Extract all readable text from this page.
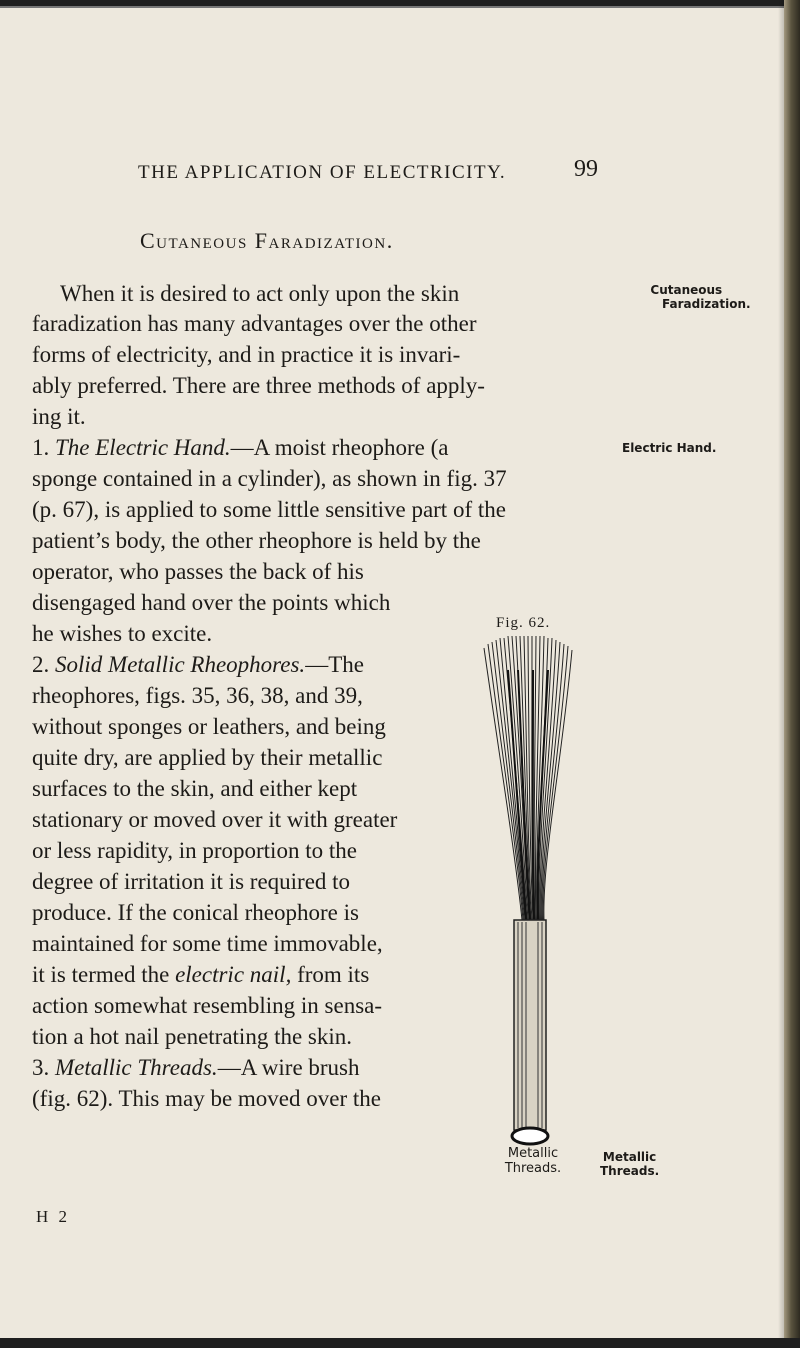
THE APPLICATION OF ELECTRICITY.	99
Cutaneous Faradization.
When it is desired to act only upon the skin
faradization has many advantages over the other
forms of electricity, and in practice it is invari-
ably preferred. There are three methods of apply-
ing it.
1. The Electric Hand.—A moist rheophore (a
sponge contained in a cylinder), as shown in fig. 37
(p. 67), is applied to some little sensitive part of the
patient’s body, the other rheophore is held by the
operator, who passes the back of his
disengaged hand over the points which
he wishes to excite.
2. Solid Metallic Rheophores.—The
rheophores, figs. 35, 36, 38, and 39,
without sponges or leathers, and being
quite dry, are applied by their metallic
surfaces to the skin, and either kept
stationary or moved over it with greater
or less rapidity, in proportion to the
degree of irritation it is required to
produce. If the conical rheophore is
maintained for some time immovable,
it is termed the electric nail, from its
action somewhat resembling in sensa-
tion a hot nail penetrating the skin.
3. Metallic Threads.—A wire brush
(fig. 62). This may be moved over the
Cutaneous
Faradization.
Electric Hand.
Metallic
Threads.
Fig. 62.
Metallic
Threads.
H 2
